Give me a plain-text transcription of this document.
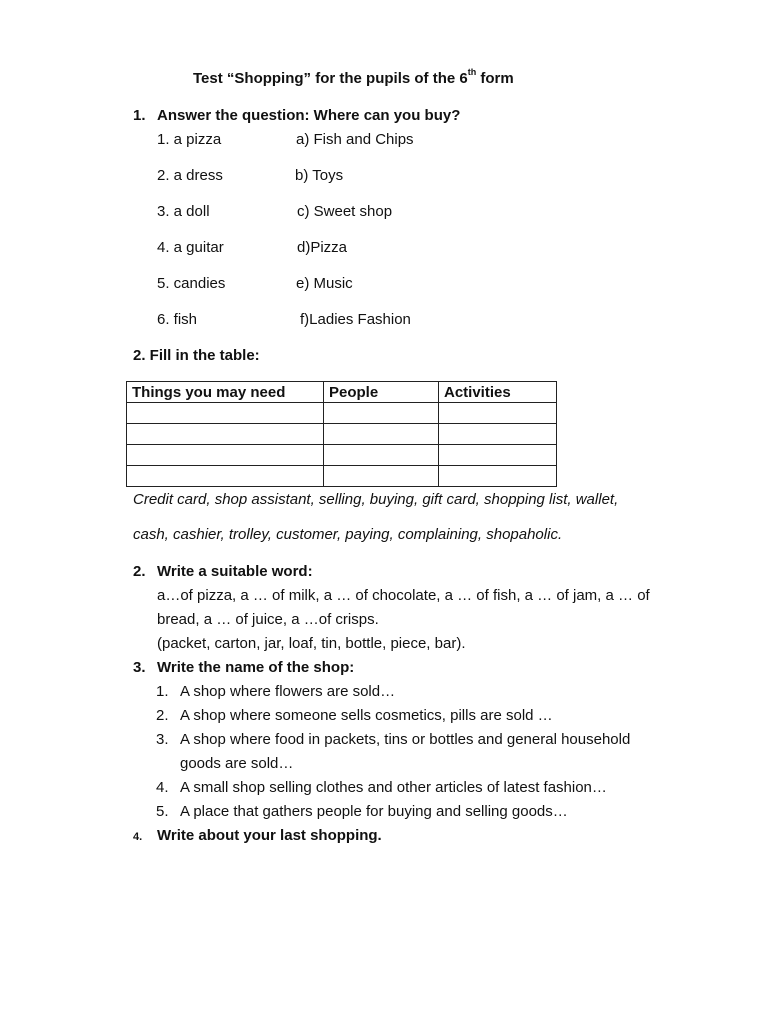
Test “Shopping” for the pupils of the 6th form
1. Answer the question: Where can you buy?
1. a pizza	a) Fish and Chips
2. a dress	b) Toys
3. a doll	c) Sweet shop
4. a guitar	d)Pizza
5. candies	e) Music
6. fish	f)Ladies Fashion
2. Fill in the table:
Things you may need	People	Activities

Credit card, shop assistant, selling, buying, gift card, shopping list, wallet,
cash, cashier, trolley, customer, paying, complaining, shopaholic.
2. Write a suitable word:
a…of pizza, a … of milk, a … of chocolate, a … of fish, a … of jam, a … of
bread, a … of juice, a …of crisps.
(packet, carton, jar, loaf, tin, bottle, piece, bar).
3. Write the name of the shop:
1. A shop where flowers are sold…
2. A shop where someone sells cosmetics, pills are sold …
3. A shop where food in packets, tins or bottles and general household
goods are sold…
4. A small shop selling clothes and other articles of latest fashion…
5. A place that gathers people for buying and selling goods…
4. Write about your last shopping.
